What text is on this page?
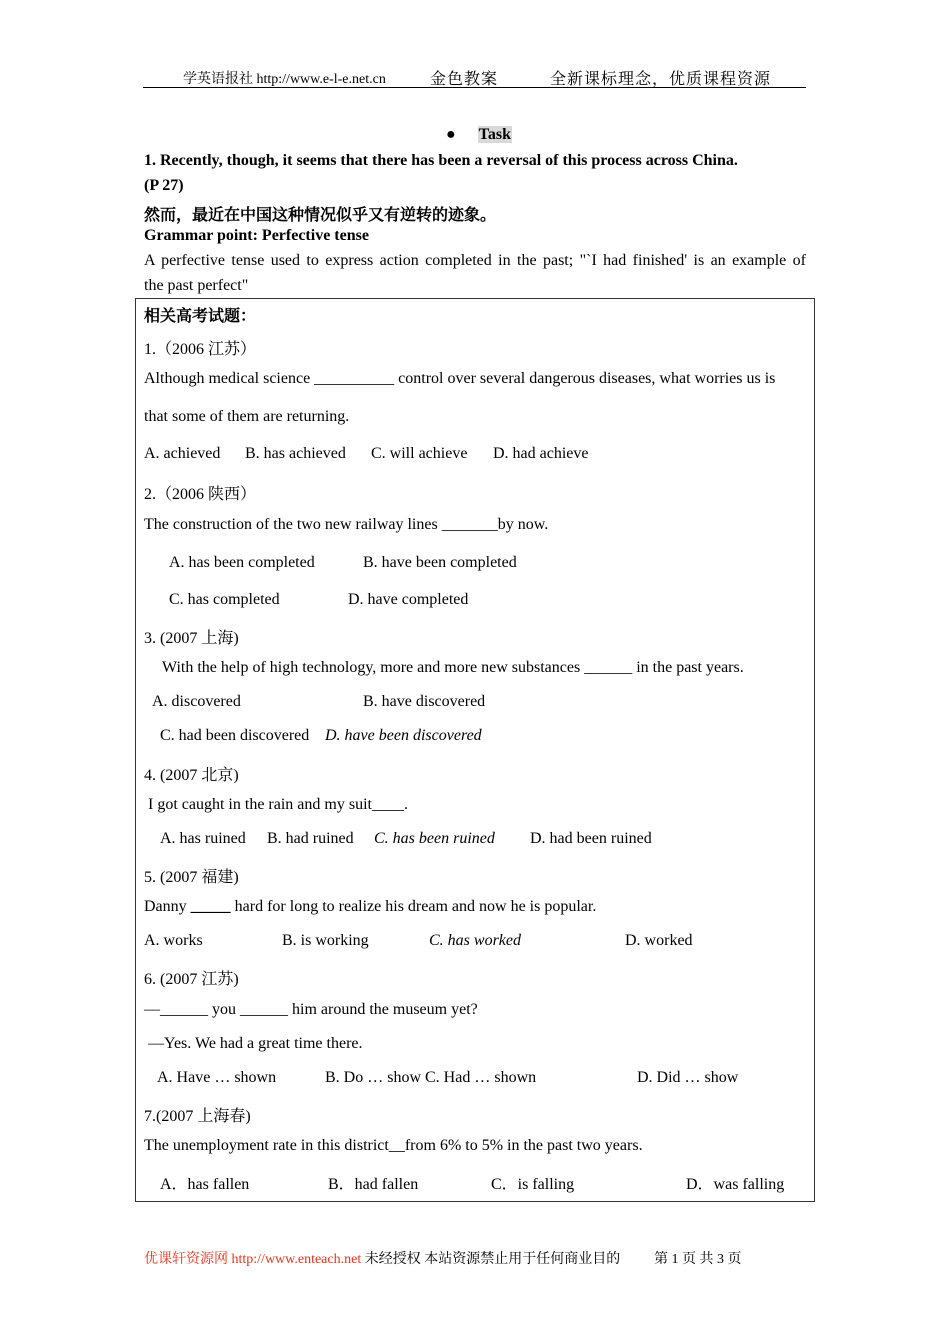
学英语报社 http://www.e-l-e.net.cn	金色教案	全新课标理念，优质课程资源
● Task
1. Recently, though, it seems that there has been a reversal of this process across China.
(P 27)
然而，最近在中国这种情况似乎又有逆转的迹象。
Grammar point: Perfective tense
A perfective tense used to express action completed in the past; "`I had finished' is an example of
the past perfect"
相关高考试题：
1.（2006 江苏）
Although medical science __________ control over several dangerous diseases, what worries us is
that some of them are returning.
A. achieved B. has achieved C. will achieve D. had achieve
2.（2006 陕西）
The construction of the two new railway lines _______by now.
A. has been completed	B. have been completed
C. has completed	D. have completed
3. (2007 上海)
With the help of high technology, more and more new substances ______ in the past years.
A. discovered	B. have discovered
C. had been discovered D. have been discovered
4. (2007 北京)
I got caught in the rain and my suit____.
A. has ruined B. had ruined C. has been ruined D. had been ruined
5. (2007 福建)
Danny _____ hard for long to realize his dream and now he is popular.
A. works	B. is working	C. has worked	D. worked
6. (2007 江苏)
—______ you ______ him around the museum yet?
—Yes. We had a great time there.
A. Have … shown	B. Do … show C. Had … shown	D. Did … show
7.(2007 上海春)
The unemployment rate in this district__from 6% to 5% in the past two years.
A．has fallen	B．had fallen	C．is falling	D．was falling
优课轩资源网 http://www.enteach.net 未经授权 本站资源禁止用于任何商业目的 第 1 页 共 3 页
